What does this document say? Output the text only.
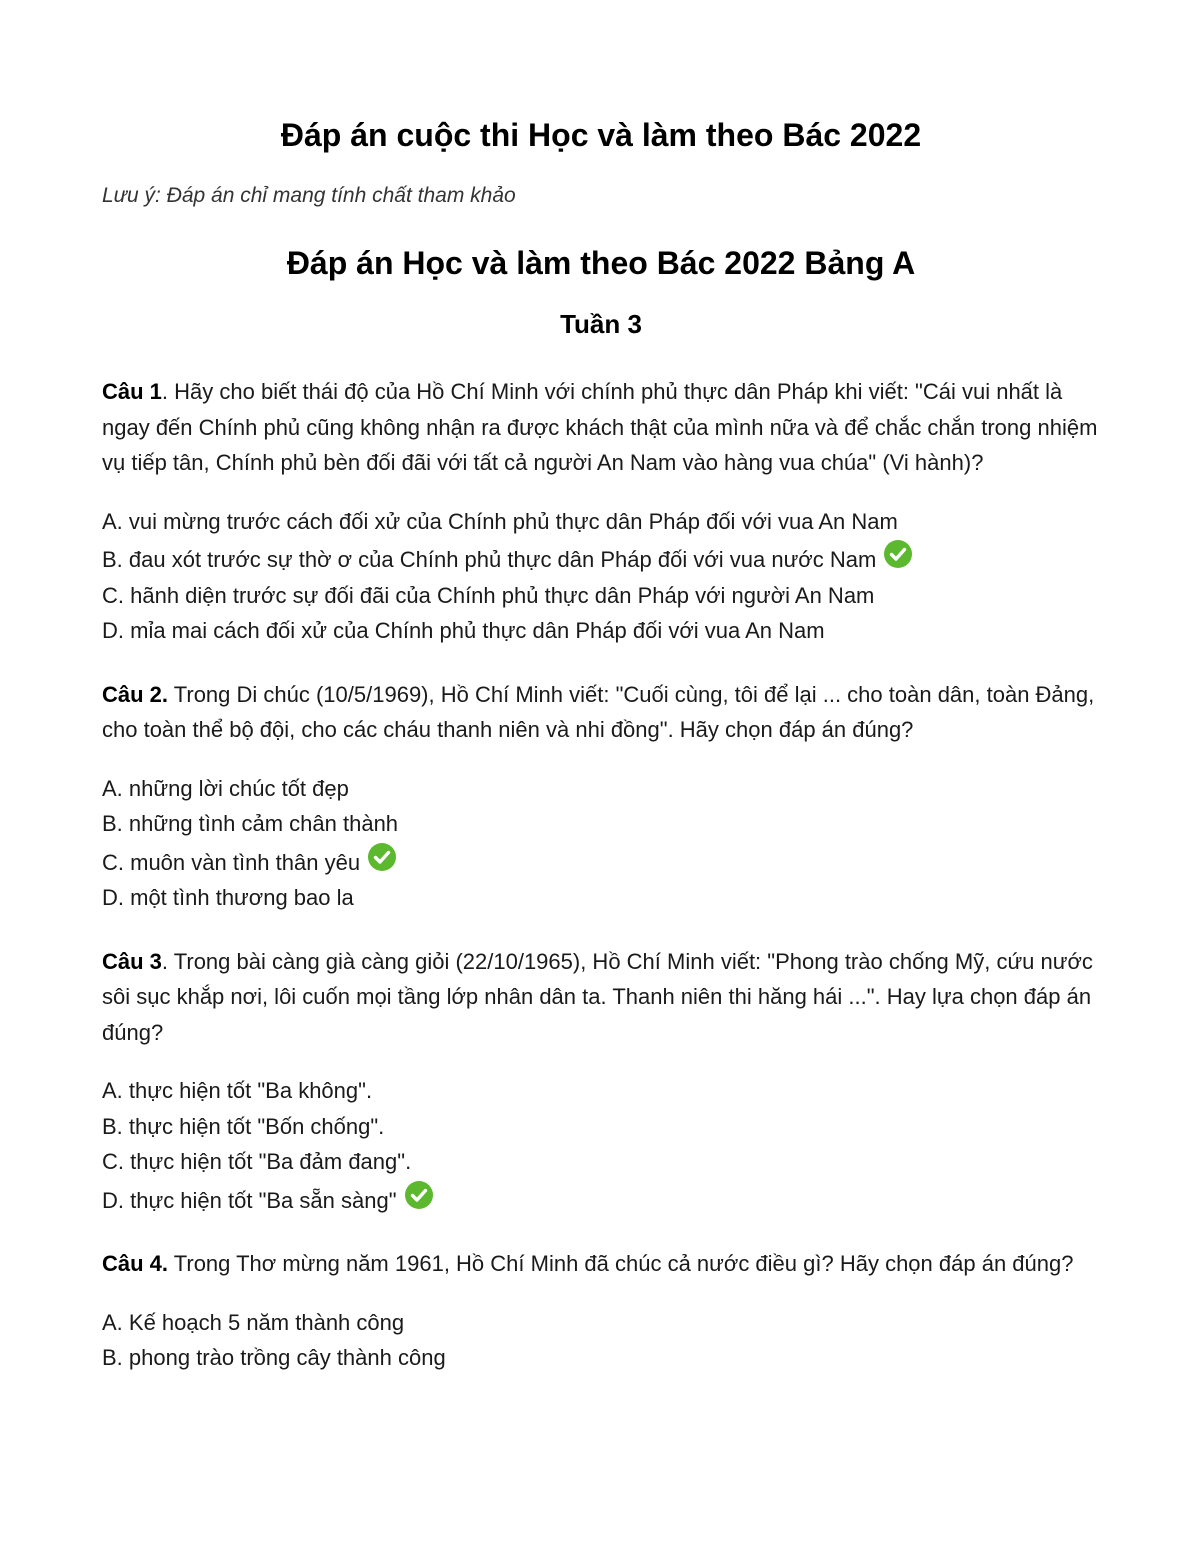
Đáp án cuộc thi Học và làm theo Bác 2022

Lưu ý: Đáp án chỉ mang tính chất tham khảo

Đáp án Học và làm theo Bác 2022 Bảng A
Tuần 3

Câu 1. Hãy cho biết thái độ của Hồ Chí Minh với chính phủ thực dân Pháp khi viết: "Cái vui nhất là ngay đến Chính phủ cũng không nhận ra được khách thật của mình nữa và để chắc chắn trong nhiệm vụ tiếp tân, Chính phủ bèn đối đãi với tất cả người An Nam vào hàng vua chúa" (Vi hành)?

A. vui mừng trước cách đối xử của Chính phủ thực dân Pháp đối với vua An Nam
B. đau xót trước sự thờ ơ của Chính phủ thực dân Pháp đối với vua nước Nam
C. hãnh diện trước sự đối đãi của Chính phủ thực dân Pháp với người An Nam
D. mỉa mai cách đối xử của Chính phủ thực dân Pháp đối với vua An Nam

Câu 2. Trong Di chúc (10/5/1969), Hồ Chí Minh viết: "Cuối cùng, tôi để lại ... cho toàn dân, toàn Đảng, cho toàn thể bộ đội, cho các cháu thanh niên và nhi đồng". Hãy chọn đáp án đúng?

A. những lời chúc tốt đẹp
B. những tình cảm chân thành
C. muôn vàn tình thân yêu
D. một tình thương bao la

Câu 3. Trong bài càng già càng giỏi (22/10/1965), Hồ Chí Minh viết: "Phong trào chống Mỹ, cứu nước sôi sục khắp nơi, lôi cuốn mọi tầng lớp nhân dân ta. Thanh niên thi hăng hái ...". Hay lựa chọn đáp án đúng?

A. thực hiện tốt "Ba không".
B. thực hiện tốt "Bốn chống".
C. thực hiện tốt "Ba đảm đang".
D. thực hiện tốt "Ba sẵn sàng"

Câu 4. Trong Thơ mừng năm 1961, Hồ Chí Minh đã chúc cả nước điều gì? Hãy chọn đáp án đúng?

A. Kế hoạch 5 năm thành công
B. phong trào trồng cây thành công
